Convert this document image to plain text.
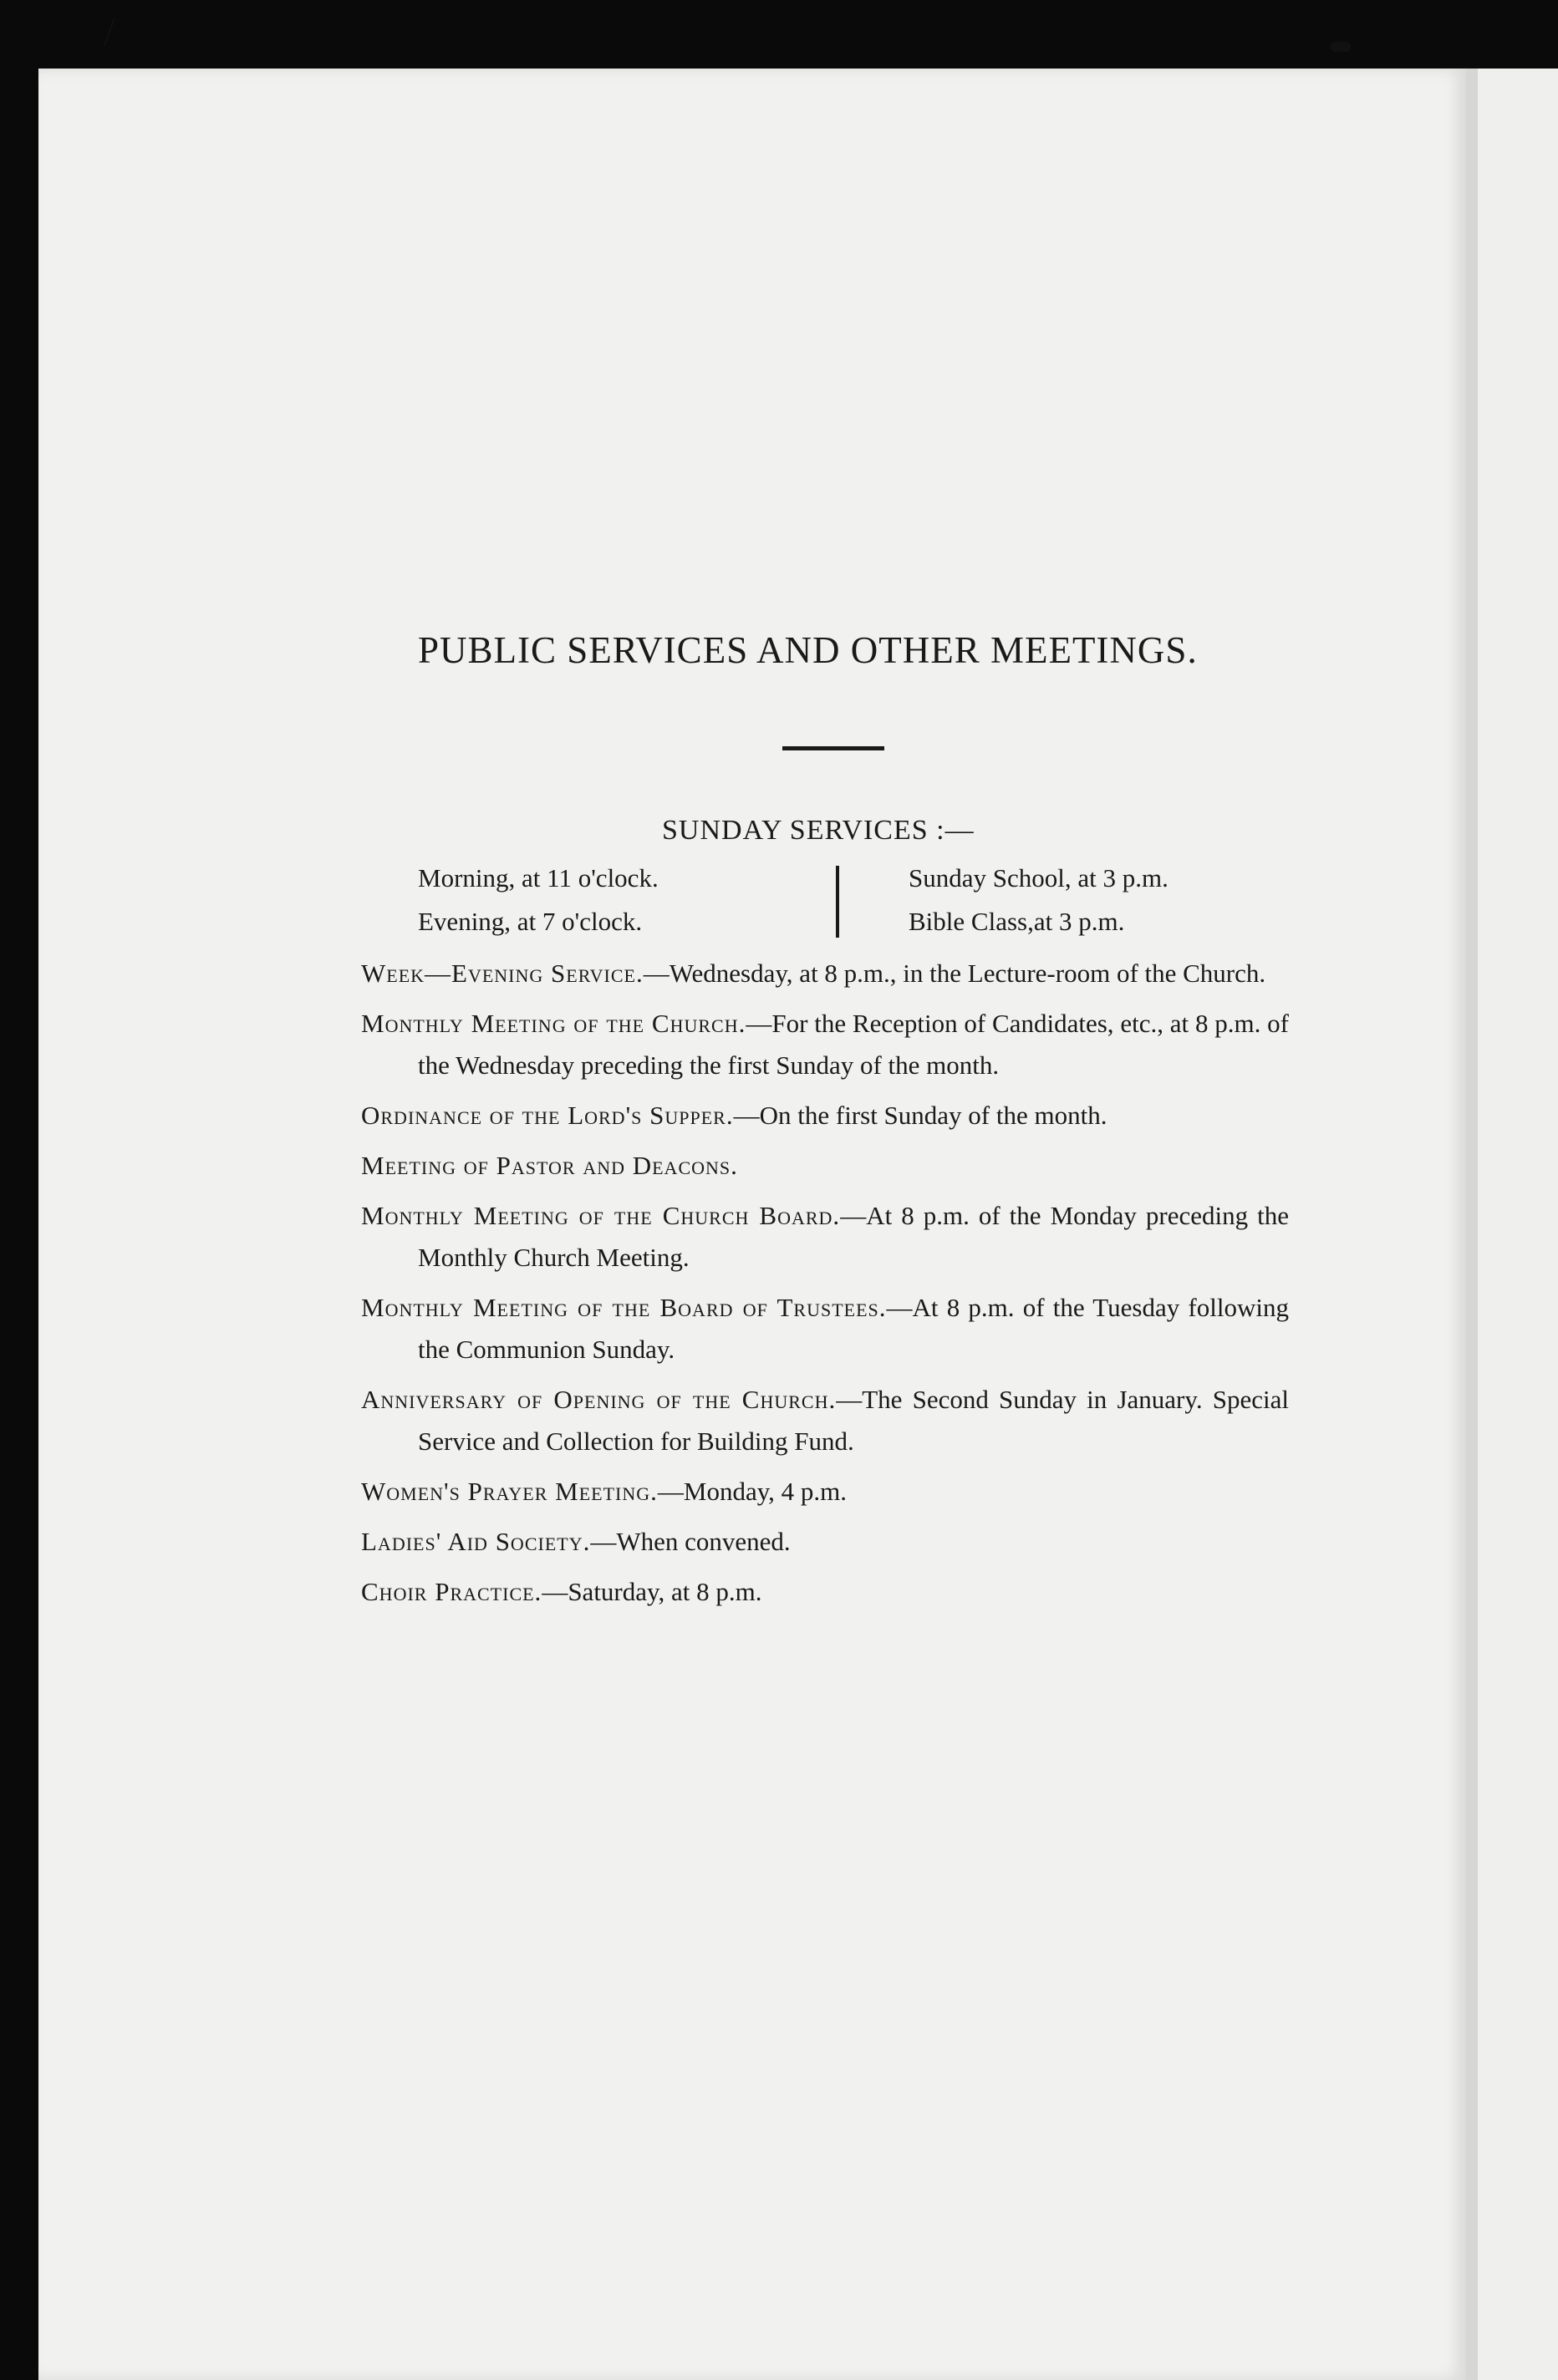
PUBLIC SERVICES AND OTHER MEETINGS.
SUNDAY SERVICES :—
Morning, at 11 o'clock.
Evening, at 7 o'clock.
Sunday School, at 3 p.m.
Bible Class,at 3 p.m.
Week—Evening Service.—Wednesday, at 8 p.m., in the Lecture-room of the Church.
Monthly Meeting of the Church.—For the Reception of Candidates, etc., at 8 p.m. of the Wednesday preceding the first Sunday of the month.
Ordinance of the Lord's Supper.—On the first Sunday of the month.
Meeting of Pastor and Deacons.
Monthly Meeting of the Church Board.—At 8 p.m. of the Monday preceding the Monthly Church Meeting.
Monthly Meeting of the Board of Trustees.—At 8 p.m. of the Tuesday following the Communion Sunday.
Anniversary of Opening of the Church.—The Second Sunday in January. Special Service and Collection for Building Fund.
Women's Prayer Meeting.—Monday, 4 p.m.
Ladies' Aid Society.—When convened.
Choir Practice.—Saturday, at 8 p.m.
